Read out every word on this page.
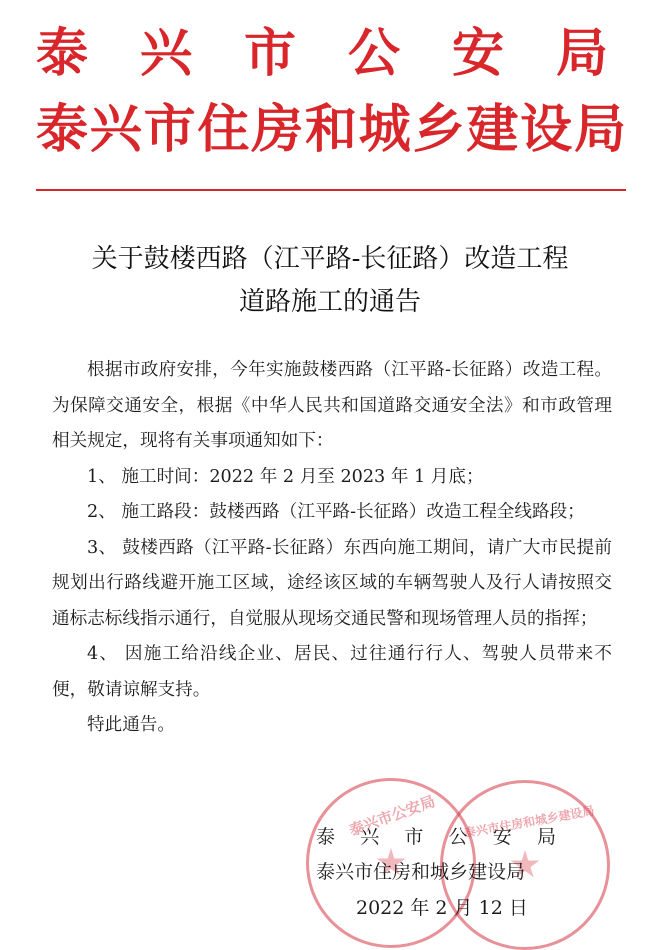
泰兴市公安局
泰兴市住房和城乡建设局
关于鼓楼西路（江平路-长征路）改造工程
道路施工的通告

根据市政府安排，今年实施鼓楼西路（江平路-长征路）改造工程。为保障交通安全，根据《中华人民共和国道路交通安全法》和市政管理相关规定，现将有关事项通知如下：

1、 施工时间：2022 年 2 月至 2023 年 1 月底；

2、 施工路段：鼓楼西路（江平路-长征路）改造工程全线路段；

3、 鼓楼西路（江平路-长征路）东西向施工期间，请广大市民提前规划出行路线避开施工区域，途经该区域的车辆驾驶人及行人请按照交通标志标线指示通行，自觉服从现场交通民警和现场管理人员的指挥；

4、 因施工给沿线企业、居民、过往通行行人、驾驶人员带来不便，敬请谅解支持。

特此通告。

泰兴市公安局 泰兴市住房和城乡建设局
泰兴市公安局
泰兴市住房和城乡建设局
2022 年 2 月 12 日
